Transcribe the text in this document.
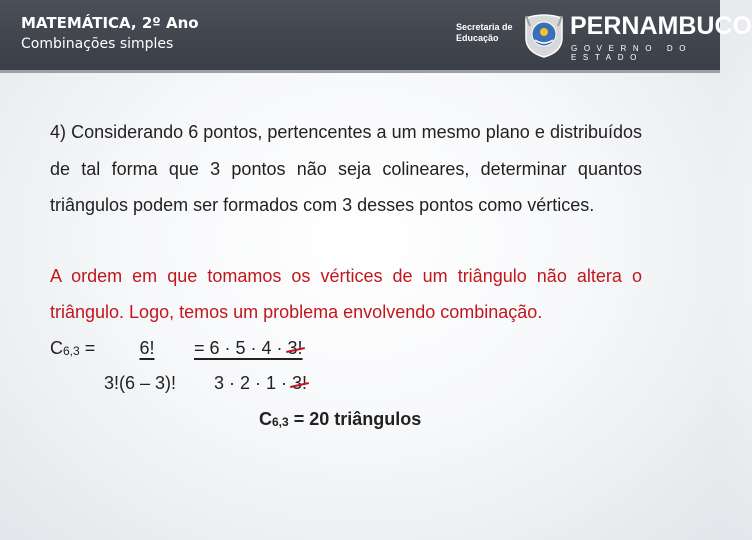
MATEMÁTICA, 2º Ano
Combinações simples
Secretaria de
Educação	PERNAMBUCO
GOVERNO DO ESTADO
4) Considerando 6 pontos, pertencentes a um mesmo plano e distribuídos de tal forma que 3 pontos não seja colineares, determinar quantos triângulos podem ser formados com 3 desses pontos como vértices.
A ordem em que tomamos os vértices de um triângulo não altera o triângulo. Logo, temos um problema envolvendo combinação.
$C_{6,3}$ =	6!	= 6 · 5 · 4 · 3!
3!(6 – 3)! 3 · 2 · 1 · 3!
$C_{6,3} = 20$ triângulos
